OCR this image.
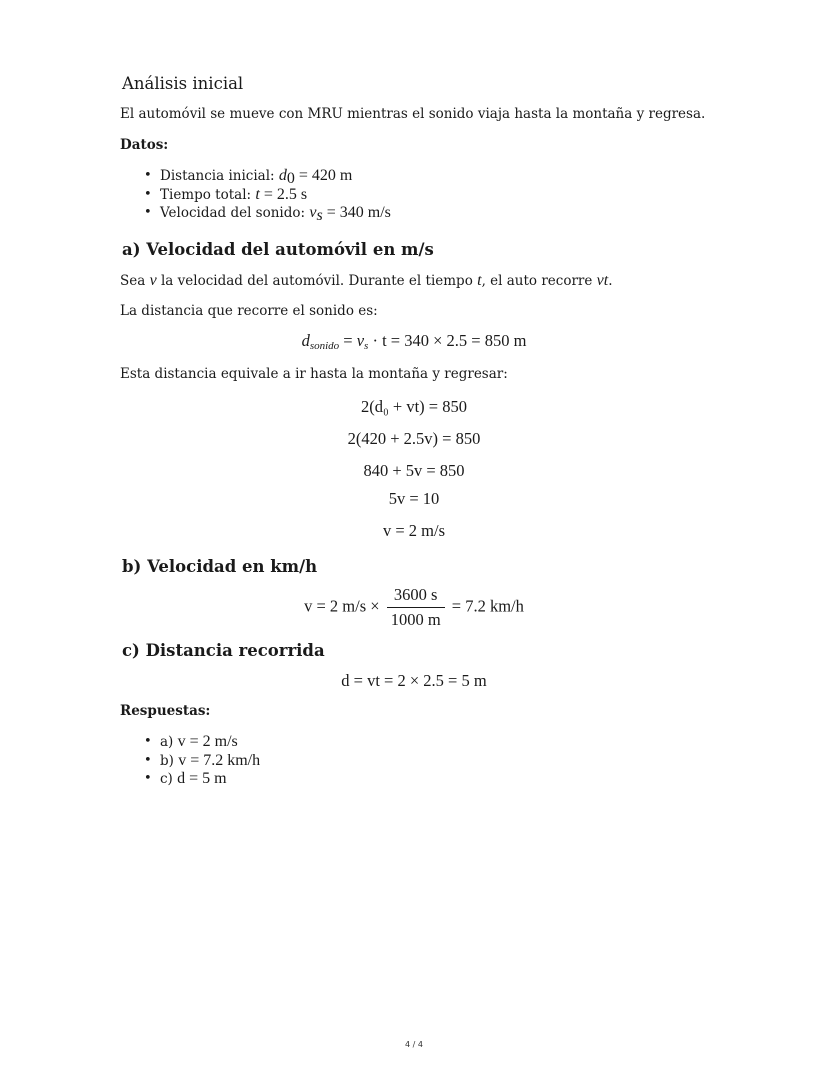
Análisis inicial

El automóvil se mueve con MRU mientras el sonido viaja hasta la montaña y regresa.

Datos:

• Distancia inicial: $d_0 = 420$ m
• Tiempo total: t = 2.5 s
• Velocidad del sonido: $v_s = 340$ m/s
a) Velocidad del automóvil en m/s

Sea v la velocidad del automóvil. Durante el tiempo t, el auto recorre vt.

La distancia que recorre el sonido es:

$d_{sonido} = v_s \cdot t = 340 \times 2.5 = 850$ m

Esta distancia equivale a ir hasta la montaña y regresar:

2(d₀ + vt) = 850
2(420 + 2.5v) = 850
840 + 5v = 850
5v = 10
v = 2 m/s
b) Velocidad en km/h
v = 2 $m/s \times \frac{3600 s}{1000 m} = 7.2$ km/h
c) Distancia recorrida
d = vt = 2 × 2.5 = 5 m

Respuestas:

• a) v = 2 m/s
• b) v = 7.2 km/h
• c) d = 5 m
4 / 4
